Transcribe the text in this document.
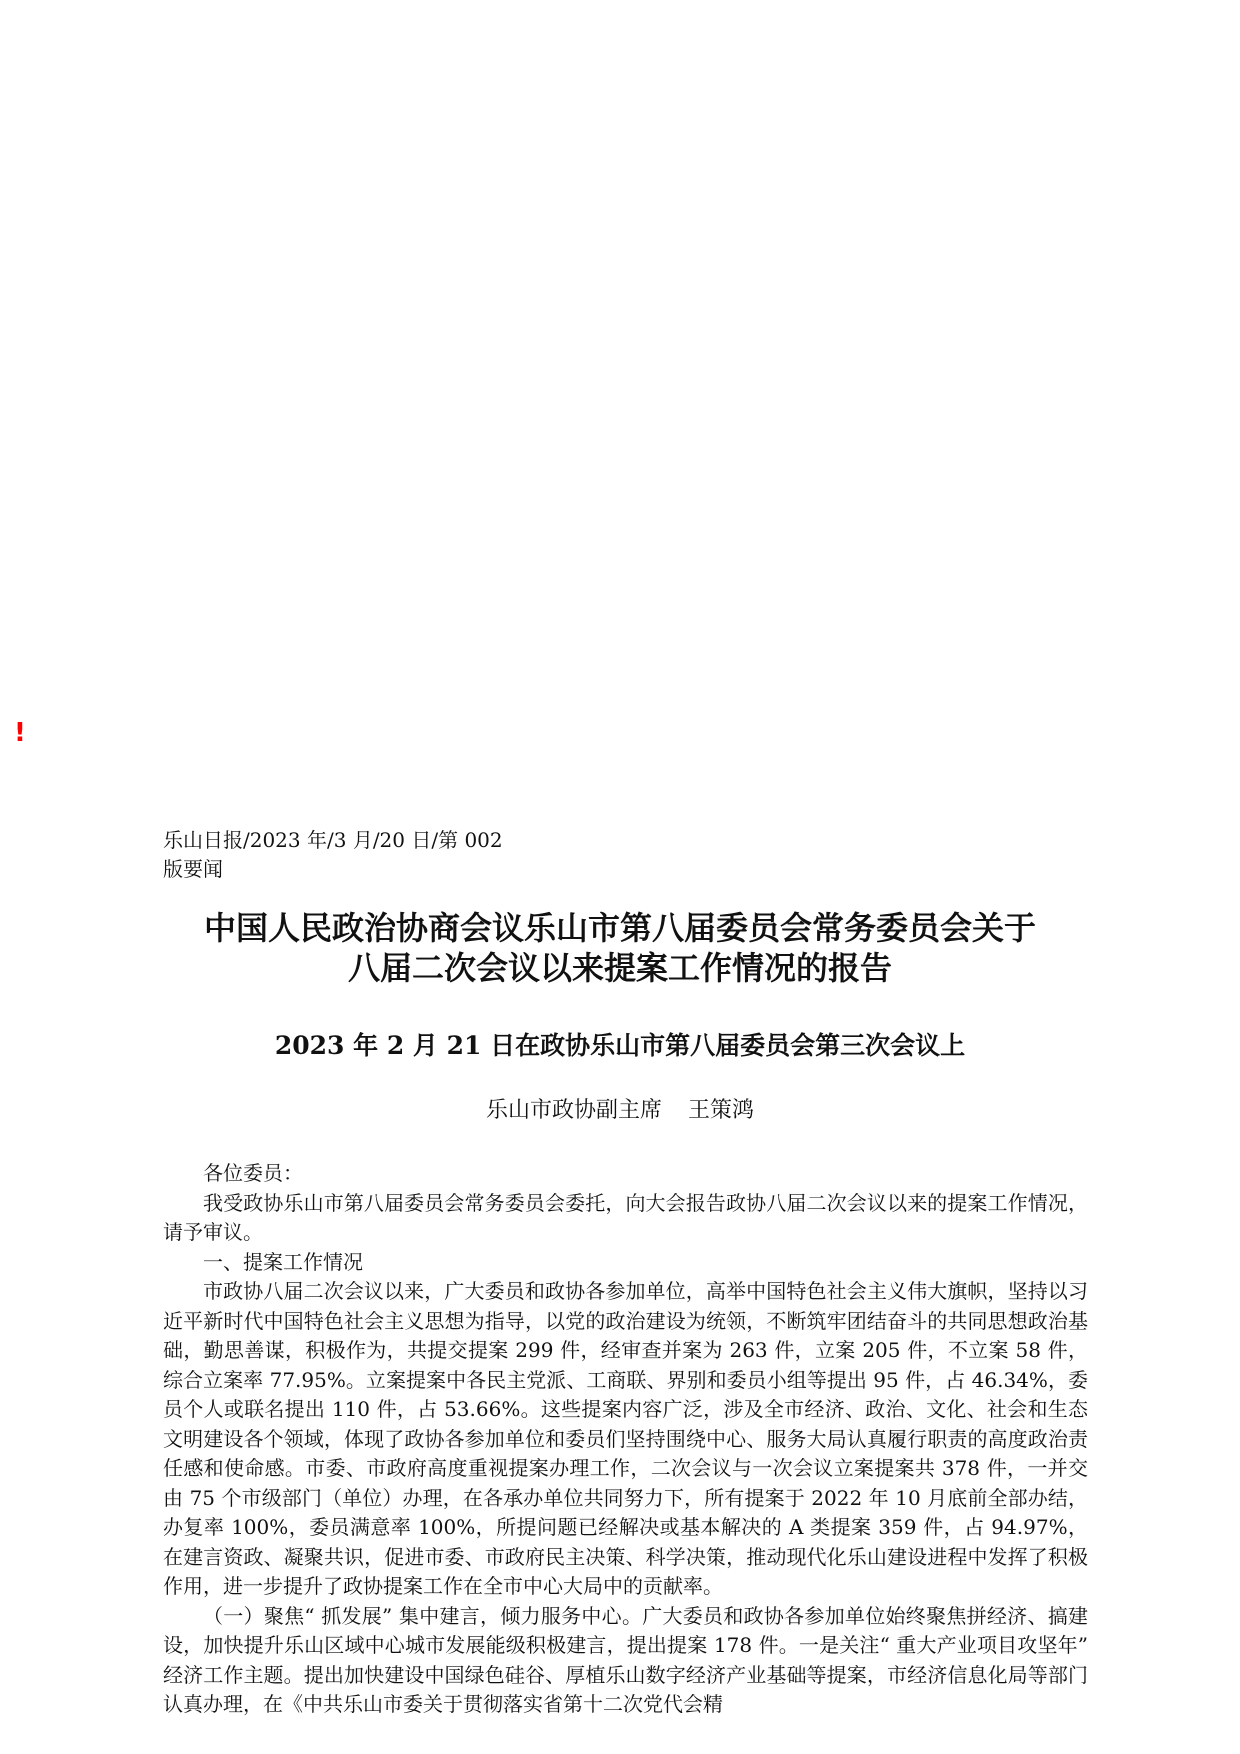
!
乐山日报/2023 年/3 月/20 日/第 002
版要闻
中国人民政治协商会议乐山市第八届委员会常务委员会关于
八届二次会议以来提案工作情况的报告
2023 年 2 月 21 日在政协乐山市第八届委员会第三次会议上
乐山市政协副主席 王策鸿

各位委员：

我受政协乐山市第八届委员会常务委员会委托，向大会报告政协八届二次会议以来的提案工作情况，请予审议。

一、提案工作情况

市政协八届二次会议以来，广大委员和政协各参加单位，高举中国特色社会主义伟大旗帜，坚持以习近平新时代中国特色社会主义思想为指导，以党的政治建设为统领，不断筑牢团结奋斗的共同思想政治基础，勤思善谋，积极作为，共提交提案 299 件，经审查并案为 263 件，立案 205 件，不立案 58 件，综合立案率 77.95%。立案提案中各民主党派、工商联、界别和委员小组等提出 95 件，占 46.34%，委员个人或联名提出 110 件，占 53.66%。这些提案内容广泛，涉及全市经济、政治、文化、社会和生态文明建设各个领域，体现了政协各参加单位和委员们坚持围绕中心、服务大局认真履行职责的高度政治责任感和使命感。市委、市政府高度重视提案办理工作，二次会议与一次会议立案提案共 378 件，一并交由 75 个市级部门（单位）办理，在各承办单位共同努力下，所有提案于 2022 年 10 月底前全部办结，办复率 100%，委员满意率 100%，所提问题已经解决或基本解决的 A 类提案 359 件，占 94.97%，在建言资政、凝聚共识，促进市委、市政府民主决策、科学决策，推动现代化乐山建设进程中发挥了积极作用，进一步提升了政协提案工作在全市中心大局中的贡献率。

（一）聚焦“ 抓发展” 集中建言，倾力服务中心。广大委员和政协各参加单位始终聚焦拼经济、搞建设，加快提升乐山区域中心城市发展能级积极建言，提出提案 178 件。一是关注“ 重大产业项目攻坚年” 经济工作主题。提出加快建设中国绿色硅谷、厚植乐山数字经济产业基础等提案，市经济信息化局等部门认真办理，在《中共乐山市委关于贯彻落实省第十二次党代会精
